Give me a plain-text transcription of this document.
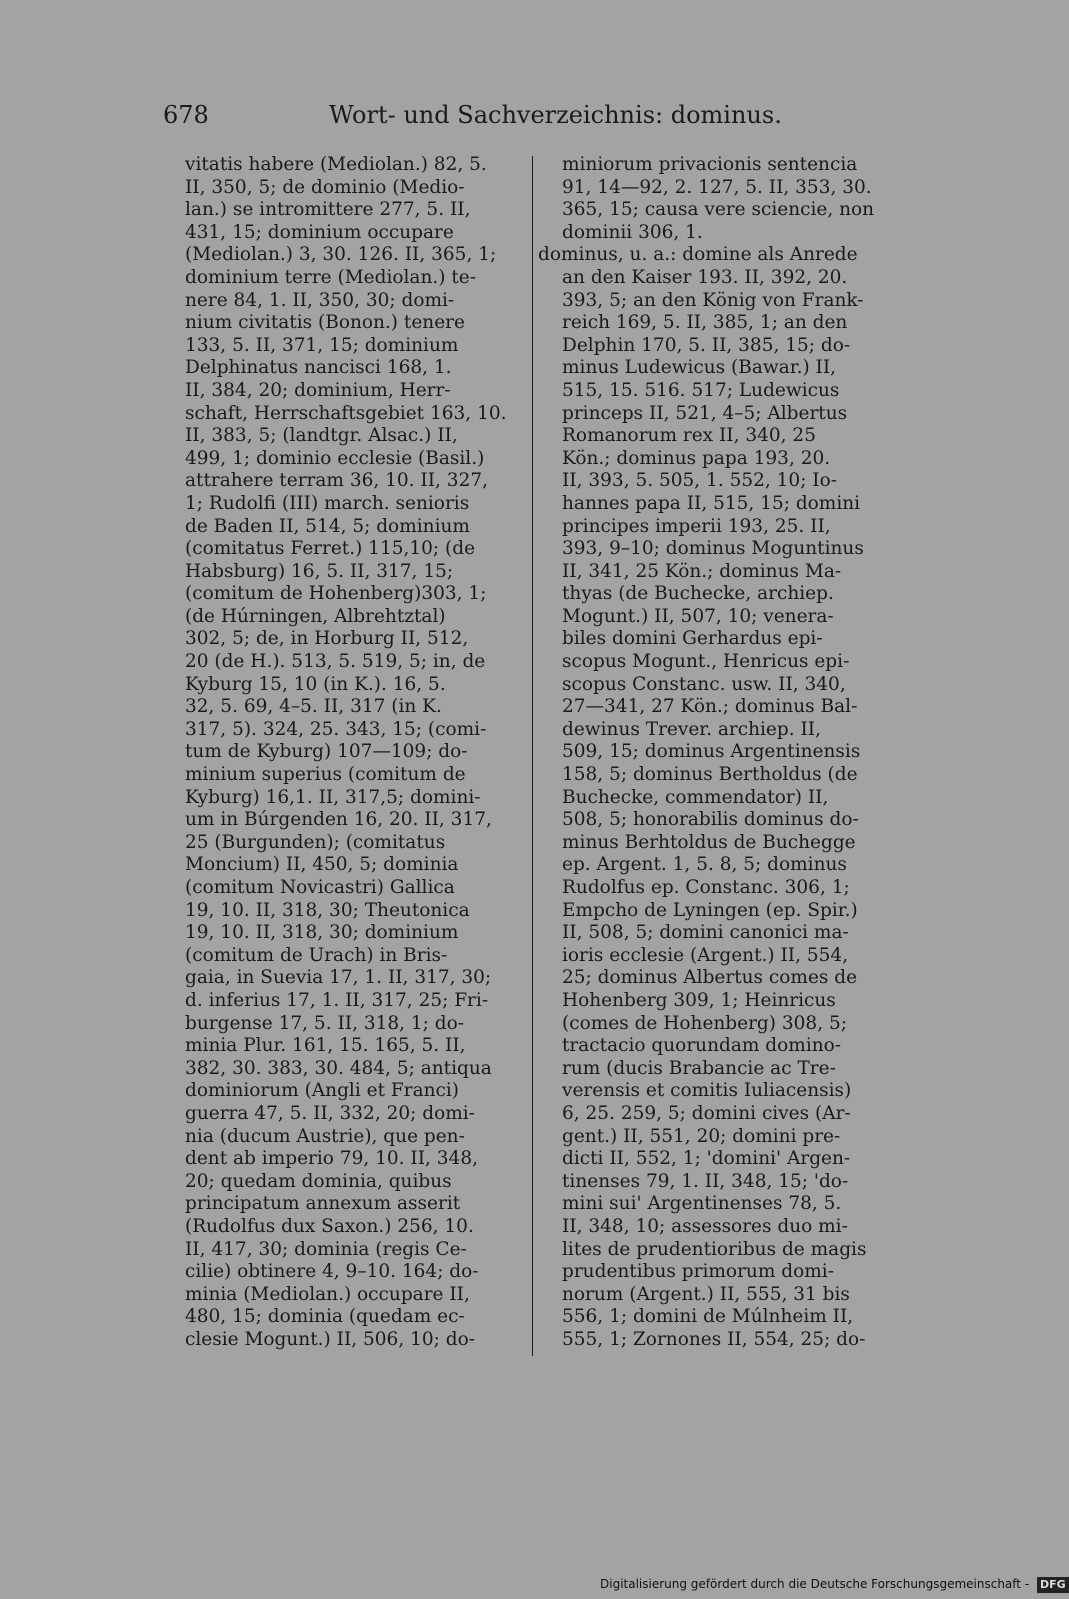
678	Wort- und Sachverzeichnis: dominus.
vitatis habere (Mediolan.) 82, 5.
II, 350, 5; de dominio (Medio-
lan.) se intromittere 277, 5. II,
431, 15; dominium occupare
(Mediolan.) 3, 30. 126. II, 365, 1;
dominium terre (Mediolan.) te-
nere 84, 1. II, 350, 30; domi-
nium civitatis (Bonon.) tenere
133, 5. II, 371, 15; dominium
Delphinatus nancisci 168, 1.
II, 384, 20; dominium, Herr-
schaft, Herrschaftsgebiet 163, 10.
II, 383, 5; (landtgr. Alsac.) II,
499, 1; dominio ecclesie (Basil.)
attrahere terram 36, 10. II, 327,
1; Rudolfi (III) march. senioris
de Baden II, 514, 5; dominium
(comitatus Ferret.) 115,10; (de
Habsburg) 16, 5. II, 317, 15;
(comitum de Hohenberg)303, 1;
(de Húrningen, Albrehtztal)
302, 5; de, in Horburg II, 512,
20 (de H.). 513, 5. 519, 5; in, de
Kyburg 15, 10 (in K.). 16, 5.
32, 5. 69, 4–5. II, 317 (in K.
317, 5). 324, 25. 343, 15; (comi-
tum de Kyburg) 107—109; do-
minium superius (comitum de
Kyburg) 16,1. II, 317,5; domini-
um in Búrgenden 16, 20. II, 317,
25 (Burgunden); (comitatus
Moncium) II, 450, 5; dominia
(comitum Novicastri) Gallica
19, 10. II, 318, 30; Theutonica
19, 10. II, 318, 30; dominium
(comitum de Urach) in Bris-
gaia, in Suevia 17, 1. II, 317, 30;
d. inferius 17, 1. II, 317, 25; Fri-
burgense 17, 5. II, 318, 1; do-
minia Plur. 161, 15. 165, 5. II,
382, 30. 383, 30. 484, 5; antiqua
dominiorum (Angli et Franci)
guerra 47, 5. II, 332, 20; domi-
nia (ducum Austrie), que pen-
dent ab imperio 79, 10. II, 348,
20; quedam dominia, quibus
principatum annexum asserit
(Rudolfus dux Saxon.) 256, 10.
II, 417, 30; dominia (regis Ce-
cilie) obtinere 4, 9–10. 164; do-
minia (Mediolan.) occupare II,
480, 15; dominia (quedam ec-
clesie Mogunt.) II, 506, 10; do-
miniorum privacionis sentencia
91, 14—92, 2. 127, 5. II, 353, 30.
365, 15; causa vere sciencie, non
dominii 306, 1.
dominus, u. a.: domine als Anrede
an den Kaiser 193. II, 392, 20.
393, 5; an den König von Frank-
reich 169, 5. II, 385, 1; an den
Delphin 170, 5. II, 385, 15; do-
minus Ludewicus (Bawar.) II,
515, 15. 516. 517; Ludewicus
princeps II, 521, 4–5; Albertus
Romanorum rex II, 340, 25
Kön.; dominus papa 193, 20.
II, 393, 5. 505, 1. 552, 10; Io-
hannes papa II, 515, 15; domini
principes imperii 193, 25. II,
393, 9–10; dominus Moguntinus
II, 341, 25 Kön.; dominus Ma-
thyas (de Buchecke, archiep.
Mogunt.) II, 507, 10; venera-
biles domini Gerhardus epi-
scopus Mogunt., Henricus epi-
scopus Constanc. usw. II, 340,
27—341, 27 Kön.; dominus Bal-
dewinus Trever. archiep. II,
509, 15; dominus Argentinensis
158, 5; dominus Bertholdus (de
Buchecke, commendator) II,
508, 5; honorabilis dominus do-
minus Berhtoldus de Buchegge
ep. Argent. 1, 5. 8, 5; dominus
Rudolfus ep. Constanc. 306, 1;
Empcho de Lyningen (ep. Spir.)
II, 508, 5; domini canonici ma-
ioris ecclesie (Argent.) II, 554,
25; dominus Albertus comes de
Hohenberg 309, 1; Heinricus
(comes de Hohenberg) 308, 5;
tractacio quorundam domino-
rum (ducis Brabancie ac Tre-
verensis et comitis Iuliacensis)
6, 25. 259, 5; domini cives (Ar-
gent.) II, 551, 20; domini pre-
dicti II, 552, 1; 'domini' Argen-
tinenses 79, 1. II, 348, 15; 'do-
mini sui' Argentinenses 78, 5.
II, 348, 10; assessores duo mi-
lites de prudentioribus de magis
prudentibus primorum domi-
norum (Argent.) II, 555, 31 bis
556, 1; domini de Múlnheim II,
555, 1; Zornones II, 554, 25; do-
Digitalisierung gefördert durch die Deutsche Forschungsgemeinschaft - DFG
